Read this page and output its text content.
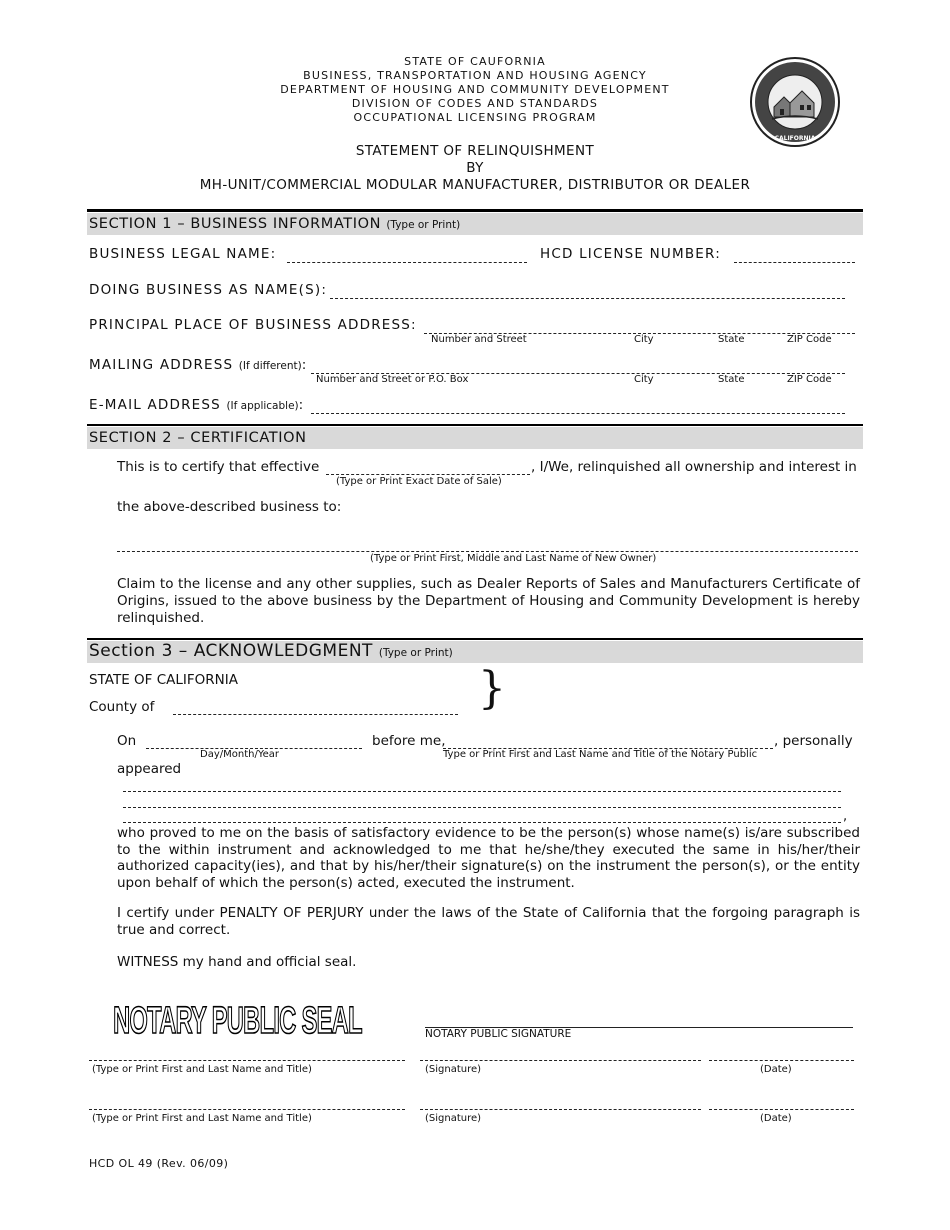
STATE OF CAUFORNIA
BUSINESS, TRANSPORTATION AND HOUSING AGENCY
DEPARTMENT OF HOUSING AND COMMUNITY DEVELOPMENT
DIVISION OF CODES AND STANDARDS
OCCUPATIONAL LICENSING PROGRAM
CALIFORNIA
STATEMENT OF RELINQUISHMENT
BY
MH-UNIT/COMMERCIAL MODULAR MANUFACTURER, DISTRIBUTOR OR DEALER
SECTION 1 – BUSINESS INFORMATION (Type or Print)
BUSINESS LEGAL NAME:	HCD LICENSE NUMBER:
DOING BUSINESS AS NAME(S):
PRINCIPAL PLACE OF BUSINESS ADDRESS:
Number and Street	City	State	ZIP Code
MAILING ADDRESS (If different):
Number and Street or P.O. Box	City	State	ZIP Code
E-MAIL ADDRESS (If applicable):
SECTION 2 – CERTIFICATION
This is to certify that effective	, I/We, relinquished all ownership and interest in
(Type or Print Exact Date of Sale)
the above-described business to:
(Type or Print First, Middle and Last Name of New Owner)
Claim to the license and any other supplies, such as Dealer Reports of Sales and Manufacturers Certificate of Origins, issued to the above business by the Department of Housing and Community Development is hereby relinquished.
Section 3 – ACKNOWLEDGMENT (Type or Print)
STATE OF CALIFORNIA
County of	}
On
Day/Month/Year
before me,
Type or Print First and Last Name and Title of the Notary Public
, personally
appeared
,
who proved to me on the basis of satisfactory evidence to be the person(s) whose name(s) is/are subscribed to the within instrument and acknowledged to me that he/she/they executed the same in his/her/their authorized capacity(ies), and that by his/her/their signature(s) on the instrument the person(s), or the entity upon behalf of which the person(s) acted, executed the instrument.
I certify under PENALTY OF PERJURY under the laws of the State of California that the forgoing paragraph is true and correct.
WITNESS my hand and official seal.
NOTARY PUBLIC SEAL	NOTARY PUBLIC SIGNATURE
(Type or Print First and Last Name and Title)	(Signature)	(Date)
(Type or Print First and Last Name and Title)	(Signature)	(Date)
HCD OL 49 (Rev. 06/09)
